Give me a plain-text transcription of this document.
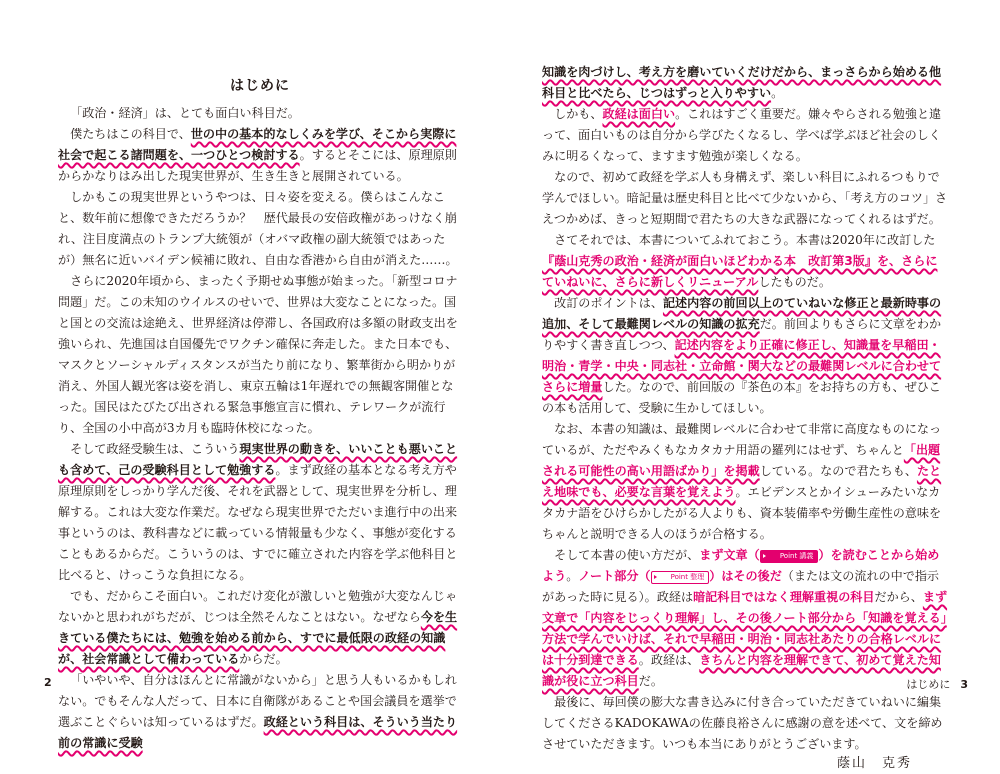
はじめに

「政治・経済」は、とても面白い科目だ。

僕たちはこの科目で、世の中の基本的なしくみを学び、そこから実際に社会で起こる諸問題を、一つひとつ検討する。するとそこには、原理原則からかなりはみ出した現実世界が、生き生きと展開されている。

しかもこの現実世界というやつは、日々姿を変える。僕らはこんなこと、数年前に想像できただろうか？　歴代最長の安倍政権があっけなく崩れ、注目度満点のトランプ大統領が（オバマ政権の副大統領ではあったが）無名に近いバイデン候補に敗れ、自由な香港から自由が消えた……。

さらに2020年頃から、まったく予期せぬ事態が始まった。「新型コロナ問題」だ。この未知のウイルスのせいで、世界は大変なことになった。国と国との交流は途絶え、世界経済は停滞し、各国政府は多額の財政支出を強いられ、先進国は自国優先でワクチン確保に奔走した。また日本でも、マスクとソーシャルディスタンスが当たり前になり、繁華街から明かりが消え、外国人観光客は姿を消し、東京五輪は1年遅れでの無観客開催となった。国民はたびたび出される緊急事態宣言に慣れ、テレワークが流行り、全国の小中高が3カ月も臨時休校になった。

そして政経受験生は、こういう現実世界の動きを、いいことも悪いことも含めて、己の受験科目として勉強する。まず政経の基本となる考え方や原理原則をしっかり学んだ後、それを武器として、現実世界を分析し、理解する。これは大変な作業だ。なぜなら現実世界でただいま進行中の出来事というのは、教科書などに載っている情報量も少なく、事態が変化することもあるからだ。こういうのは、すでに確立された内容を学ぶ他科目と比べると、けっこうな負担になる。

でも、だからこそ面白い。これだけ変化が激しいと勉強が大変なんじゃないかと思われがちだが、じつは全然そんなことはない。なぜなら今を生きている僕たちには、勉強を始める前から、すでに最低限の政経の知識が、社会常識として備わっているからだ。

「いやいや、自分はほんとに常識がないから」と思う人もいるかもしれない。でもそんな人だって、日本に自衛隊があることや国会議員を選挙で選ぶことぐらいは知っているはずだ。政経という科目は、そういう当たり前の常識に受験

2

知識を肉づけし、考え方を磨いていくだけだから、まっさらから始める他科目と比べたら、じつはずっと入りやすい。

しかも、政経は面白い。これはすごく重要だ。嫌々やらされる勉強と違って、面白いものは自分から学びたくなるし、学べば学ぶほど社会のしくみに明るくなって、ますます勉強が楽しくなる。

なので、初めて政経を学ぶ人も身構えず、楽しい科目にふれるつもりで学んでほしい。暗記量は歴史科目と比べて少ないから、「考え方のコツ」さえつかめば、きっと短期間で君たちの大きな武器になってくれるはずだ。

さてそれでは、本書についてふれておこう。本書は2020年に改訂した『蔭山克秀の政治・経済が面白いほどわかる本　改訂第3版』を、さらにていねいに、さらに新しくリニューアルしたものだ。

改訂のポイントは、記述内容の前回以上のていねいな修正と最新時事の追加、そして最難関レベルの知識の拡充だ。前回よりもさらに文章をわかりやすく書き直しつつ、記述内容をより正確に修正し、知識量を早稲田・明治・青学・中央・同志社・立命館・関大などの最難関レベルに合わせてさらに増量した。なので、前回版の『茶色の本』をお持ちの方も、ぜひこの本も活用して、受験に生かしてほしい。

なお、本書の知識は、最難関レベルに合わせて非常に高度なものになっているが、ただやみくもなカタカナ用語の羅列にはせず、ちゃんと「出題される可能性の高い用語ばかり」を掲載している。なので君たちも、たとえ地味でも、必要な言葉を覚えよう。エビデンスとかイシューみたいなカタカナ語をひけらかしたがる人よりも、資本装備率や労働生産性の意味をちゃんと説明できる人のほうが合格する。

そして本書の使い方だが、まず文章（	Point 講義 ）を読むことから始めよう。ノート部分（	Point 整理 ）はその後だ（または文の流れの中で指示があった時に見る）。政経は暗記科目ではなく理解重視の科目だから、まず文章で「内容をじっくり理解」し、その後ノート部分から「知識を覚える」方法で学んでいけば、それで早稲田・明治・同志社あたりの合格レベルには十分到達できる。政経は、きちんと内容を理解できて、初めて覚えた知識が役に立つ科目だ。

最後に、毎回僕の膨大な書き込みに付き合っていただきていねいに編集してくださるKADOKAWAの佐藤良裕さんに感謝の意を述べて、文を締めさせていただきます。いつも本当にありがとうございます。

蔭山　克秀
はじめに 3
